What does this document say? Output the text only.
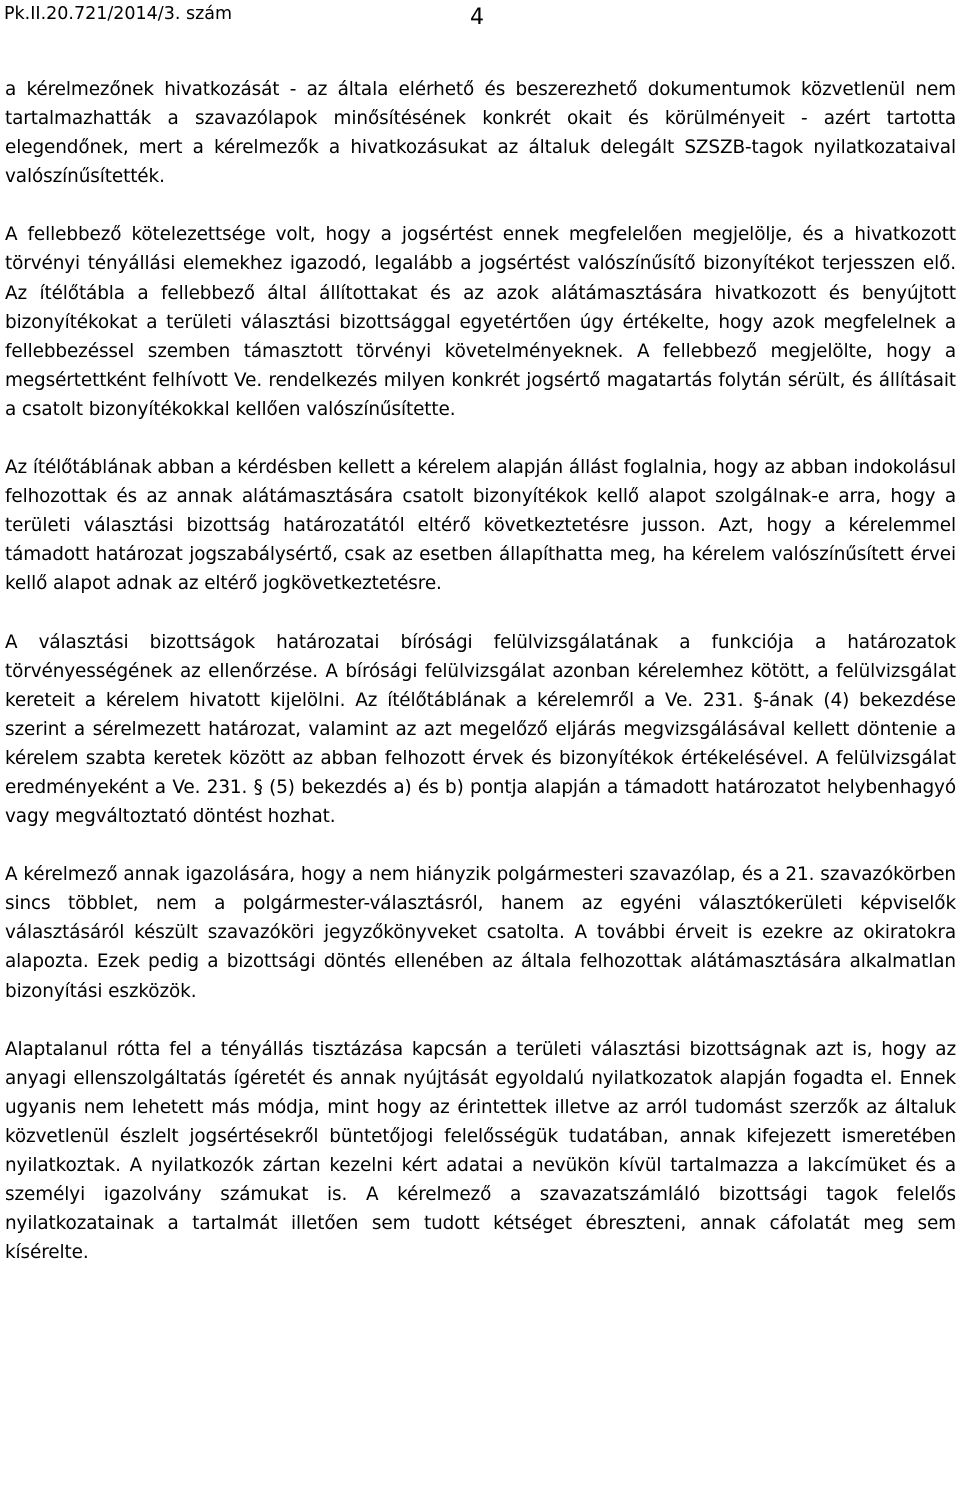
Pk.II.20.721/2014/3. szám	4

a kérelmezőnek hivatkozását - az általa elérhető és beszerezhető dokumentumok közvetlenül nem tartalmazhatták a szavazólapok minősítésének konkrét okait és körülményeit - azért tartotta elegendőnek, mert a kérelmezők a hivatkozásukat az általuk delegált SZSZB-tagok nyilatkozataival valószínűsítették.

A fellebbező kötelezettsége volt, hogy a jogsértést ennek megfelelően megjelölje, és a hivatkozott törvényi tényállási elemekhez igazodó, legalább a jogsértést valószínűsítő bizonyítékot terjesszen elő. Az ítélőtábla a fellebbező által állítottakat és az azok alátámasztására hivatkozott és benyújtott bizonyítékokat a területi választási bizottsággal egyetértően úgy értékelte, hogy azok megfelelnek a fellebbezéssel szemben támasztott törvényi követelményeknek. A fellebbező megjelölte, hogy a megsértettként felhívott Ve. rendelkezés milyen konkrét jogsértő magatartás folytán sérült, és állításait a csatolt bizonyítékokkal kellően valószínűsítette.

Az ítélőtáblának abban a kérdésben kellett a kérelem alapján állást foglalnia, hogy az abban indokolásul felhozottak és az annak alátámasztására csatolt bizonyítékok kellő alapot szolgálnak-e arra, hogy a területi választási bizottság határozatától eltérő következtetésre jusson. Azt, hogy a kérelemmel támadott határozat jogszabálysértő, csak az esetben állapíthatta meg, ha kérelem valószínűsített érvei kellő alapot adnak az eltérő jogkövetkeztetésre.

A választási bizottságok határozatai bírósági felülvizsgálatának a funkciója a határozatok törvényességének az ellenőrzése. A bírósági felülvizsgálat azonban kérelemhez kötött, a felülvizsgálat kereteit a kérelem hivatott kijelölni. Az ítélőtáblának a kérelemről a Ve. 231. §-ának (4) bekezdése szerint a sérelmezett határozat, valamint az azt megelőző eljárás megvizsgálásával kellett döntenie a kérelem szabta keretek között az abban felhozott érvek és bizonyítékok értékelésével. A felülvizsgálat eredményeként a Ve. 231. § (5) bekezdés a) és b) pontja alapján a támadott határozatot helybenhagyó vagy megváltoztató döntést hozhat.

A kérelmező annak igazolására, hogy a nem hiányzik polgármesteri szavazólap, és a 21. szavazókörben sincs többlet, nem a polgármester-választásról, hanem az egyéni választókerületi képviselők választásáról készült szavazóköri jegyzőkönyveket csatolta. A további érveit is ezekre az okiratokra alapozta. Ezek pedig a bizottsági döntés ellenében az általa felhozottak alátámasztására alkalmatlan bizonyítási eszközök.

Alaptalanul rótta fel a tényállás tisztázása kapcsán a területi választási bizottságnak azt is, hogy az anyagi ellenszolgáltatás ígéretét és annak nyújtását egyoldalú nyilatkozatok alapján fogadta el. Ennek ugyanis nem lehetett más módja, mint hogy az érintettek illetve az arról tudomást szerzők az általuk közvetlenül észlelt jogsértésekről büntetőjogi felelősségük tudatában, annak kifejezett ismeretében nyilatkoztak. A nyilatkozók zártan kezelni kért adatai a nevükön kívül tartalmazza a lakcímüket és a személyi igazolvány számukat is. A kérelmező a szavazatszámláló bizottsági tagok felelős nyilatkozatainak a tartalmát illetően sem tudott kétséget ébreszteni, annak cáfolatát meg sem kísérelte.
